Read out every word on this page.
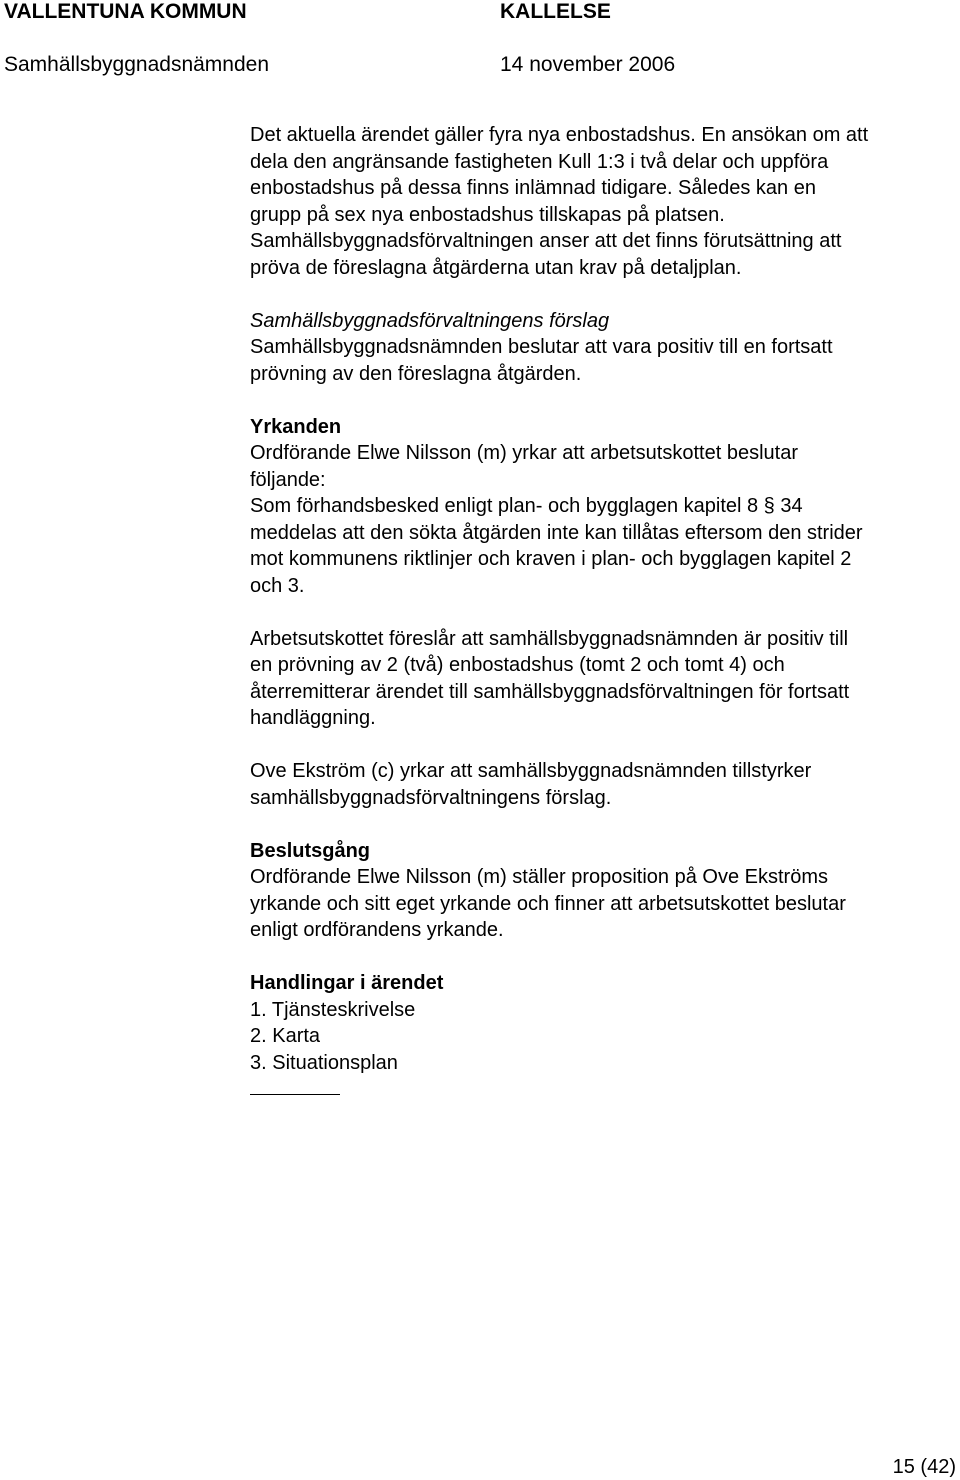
VALLENTUNA KOMMUN	KALLELSE
Samhällsbyggnadsnämnden	14 november 2006
Det aktuella ärendet gäller fyra nya enbostadshus. En ansökan om att
dela den angränsande fastigheten Kull 1:3 i två delar och uppföra
enbostadshus på dessa finns inlämnad tidigare. Således kan en
grupp på sex nya enbostadshus tillskapas på platsen.
Samhällsbyggnadsförvaltningen anser att det finns förutsättning att
pröva de föreslagna åtgärderna utan krav på detaljplan.
Samhällsbyggnadsförvaltningens förslag
Samhällsbyggnadsnämnden beslutar att vara positiv till en fortsatt
prövning av den föreslagna åtgärden.
Yrkanden
Ordförande Elwe Nilsson (m) yrkar att arbetsutskottet beslutar
följande:
Som förhandsbesked enligt plan- och bygglagen kapitel 8 § 34
meddelas att den sökta åtgärden inte kan tillåtas eftersom den strider
mot kommunens riktlinjer och kraven i plan- och bygglagen kapitel 2
och 3.
Arbetsutskottet föreslår att samhällsbyggnadsnämnden är positiv till
en prövning av 2 (två) enbostadshus (tomt 2 och tomt 4) och
återremitterar ärendet till samhällsbyggnadsförvaltningen för fortsatt
handläggning.
Ove Ekström (c) yrkar att samhällsbyggnadsnämnden tillstyrker
samhällsbyggnadsförvaltningens förslag.
Beslutsgång
Ordförande Elwe Nilsson (m) ställer proposition på Ove Ekströms
yrkande och sitt eget yrkande och finner att arbetsutskottet beslutar
enligt ordförandens yrkande.
Handlingar i ärendet
1. Tjänsteskrivelse
2. Karta
3. Situationsplan
15 (42)
